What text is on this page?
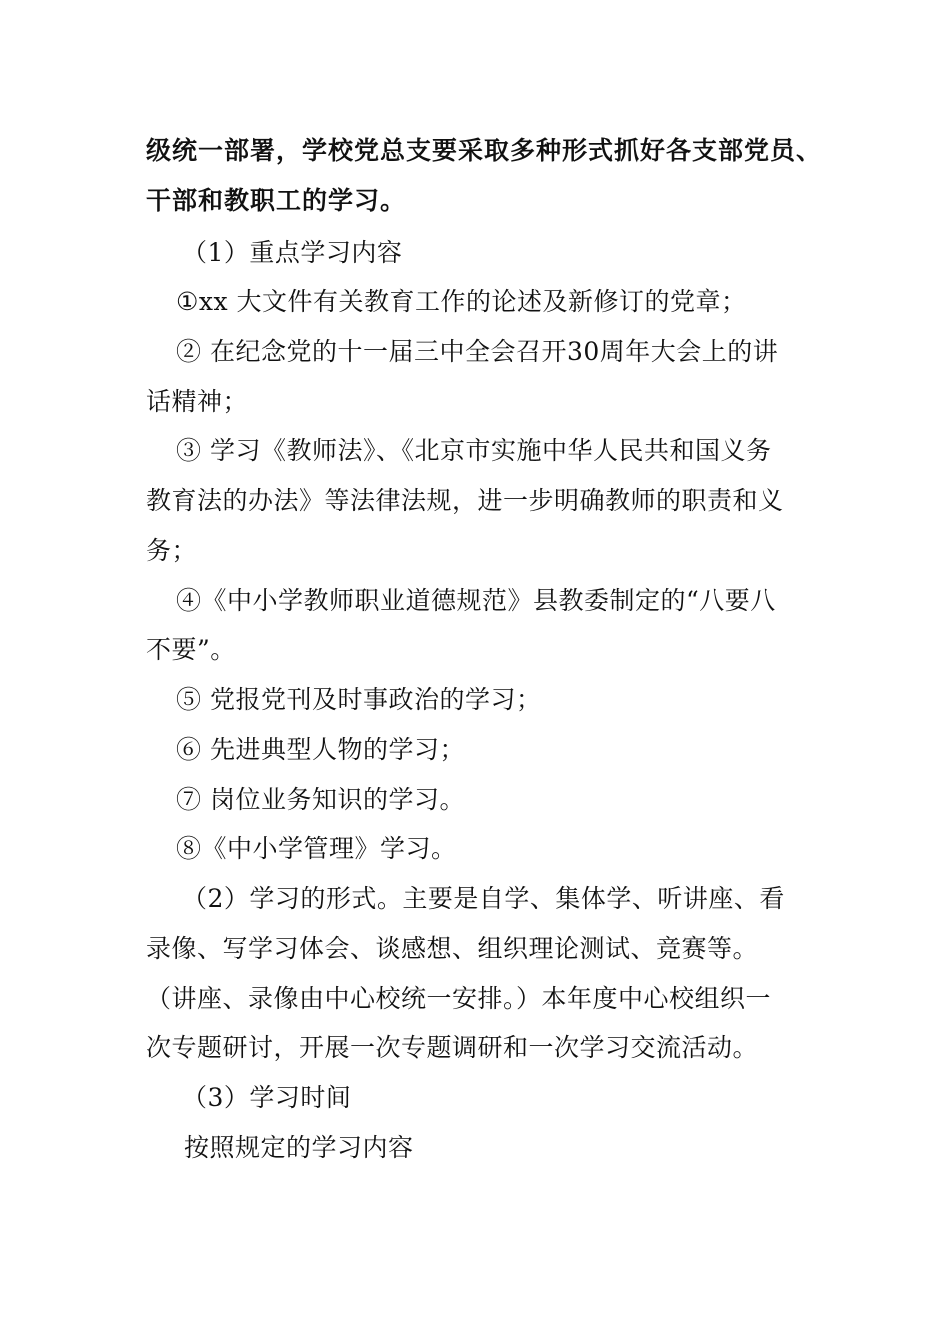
级统一部署，学校党总支要采取多种形式抓好各支部党员、
干部和教职工的学习。
（1）重点学习内容
①xx 大文件有关教育工作的论述及新修订的党章；
② 在纪念党的十一届三中全会召开30周年大会上的讲
话精神；
③ 学习《教师法》、《北京市实施中华人民共和国义务
教育法的办法》等法律法规，进一步明确教师的职责和义
务；
④《中小学教师职业道德规范》县教委制定的“八要八
不要”。
⑤ 党报党刊及时事政治的学习；
⑥ 先进典型人物的学习；
⑦ 岗位业务知识的学习。
⑧《中小学管理》学习。
（2）学习的形式。主要是自学、集体学、听讲座、看
录像、写学习体会、谈感想、组织理论测试、竞赛等。
（讲座、录像由中心校统一安排。）本年度中心校组织一
次专题研讨，开展一次专题调研和一次学习交流活动。
（3）学习时间
按照规定的学习内容
